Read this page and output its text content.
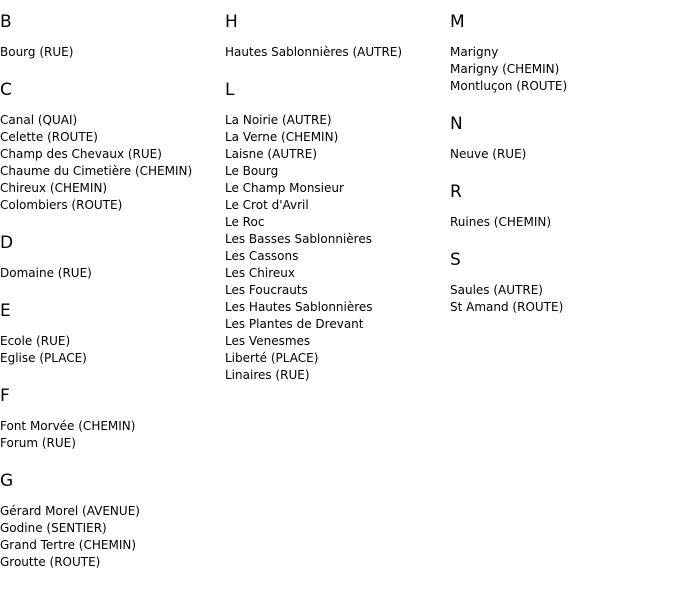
B
Bourg (RUE)
C
Canal (QUAI)
Celette (ROUTE)
Champ des Chevaux (RUE)
Chaume du Cimetière (CHEMIN)
Chireux (CHEMIN)
Colombiers (ROUTE)
D
Domaine (RUE)
E
Ecole (RUE)
Eglise (PLACE)
F
Font Morvée (CHEMIN)
Forum (RUE)
G
Gérard Morel (AVENUE)
Godine (SENTIER)
Grand Tertre (CHEMIN)
Groutte (ROUTE)
H
Hautes Sablonnières (AUTRE)
L
La Noirie (AUTRE)
La Verne (CHEMIN)
Laisne (AUTRE)
Le Bourg
Le Champ Monsieur
Le Crot d'Avril
Le Roc
Les Basses Sablonnières
Les Cassons
Les Chireux
Les Foucrauts
Les Hautes Sablonnières
Les Plantes de Drevant
Les Venesmes
Liberté (PLACE)
Linaires (RUE)
M
Marigny
Marigny (CHEMIN)
Montluçon (ROUTE)
N
Neuve (RUE)
R
Ruines (CHEMIN)
S
Saules (AUTRE)
St Amand (ROUTE)
